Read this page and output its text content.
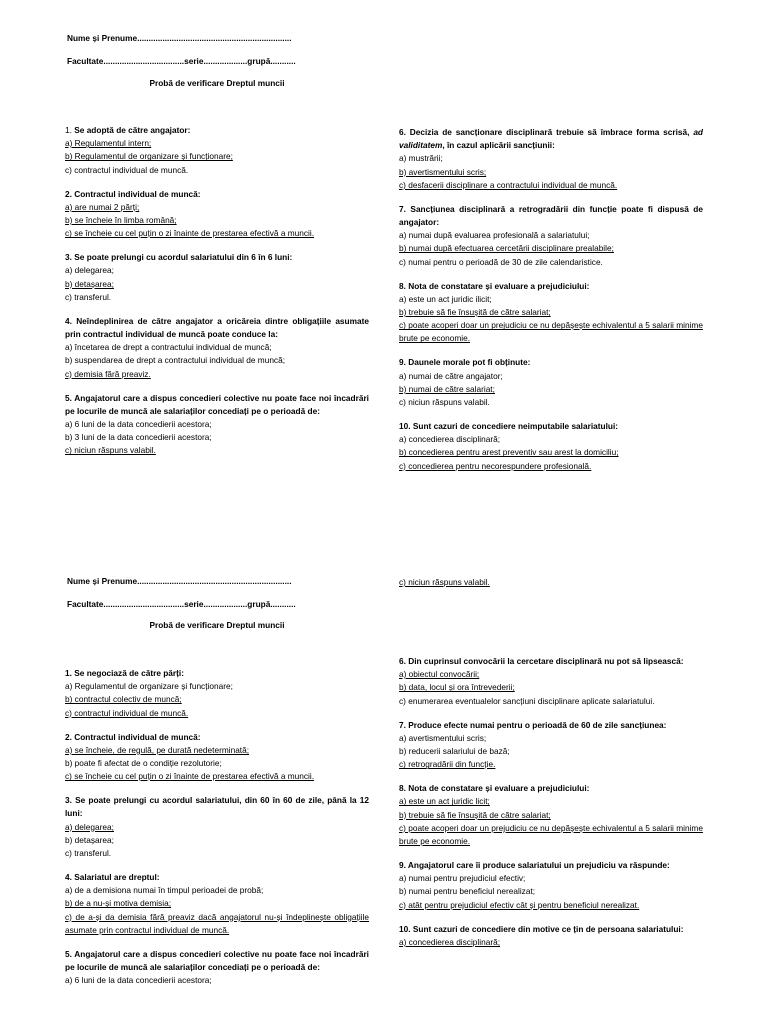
Nume și Prenume...................................................................
Facultate...................................serie...................grupă...........
Probă de verificare Dreptul muncii
1. Se adoptă de către angajator:
a) Regulamentul intern;
b) Regulamentul de organizare și funcționare;
c) contractul individual de muncă.
2. Contractul individual de muncă:
a) are numai 2 părți;
b) se încheie în limba română;
c) se încheie cu cel puțin o zi înainte de prestarea efectivă a muncii.
3. Se poate prelungi cu acordul salariatului din 6 în 6 luni:
a) delegarea;
b) detașarea;
c) transferul.
4. Neîndeplinirea de către angajator a oricăreia dintre obligațiile asumate prin contractul individual de muncă poate conduce la:
a) încetarea de drept a contractului individual de muncă;
b) suspendarea de drept a contractului individual de muncă;
c) demisia fără preaviz.
5. Angajatorul care a dispus concedieri colective nu poate face noi încadrări pe locurile de muncă ale salariaților concediați pe o perioadă de:
a) 6 luni de la data concedierii acestora;
b) 3 luni de la data concedierii acestora;
c) niciun răspuns valabil.
6. Decizia de sancționare disciplinară trebuie să îmbrace forma scrisă, ad validitatem, în cazul aplicării sancțiunii:
a) mustrării;
b) avertismentului scris;
c) desfacerii disciplinare a contractului individual de muncă.
7. Sancțiunea disciplinară a retrogradării din funcție poate fi dispusă de angajator:
a) numai după evaluarea profesională a salariatului;
b) numai după efectuarea cercetării disciplinare prealabile;
c) numai pentru o perioadă de 30 de zile calendaristice.
8. Nota de constatare și evaluare a prejudiciului:
a) este un act juridic ilicit;
b) trebuie să fie însușită de către salariat;
c) poate acoperi doar un prejudiciu ce nu depășește echivalentul a 5 salarii minime brute pe economie.
9. Daunele morale pot fi obținute:
a) numai de către angajator;
b) numai de către salariat;
c) niciun răspuns valabil.
10. Sunt cazuri de concediere neimputabile salariatului:
a) concedierea disciplinară;
b) concedierea pentru arest preventiv sau arest la domiciliu;
c) concedierea pentru necorespundere profesională.
Nume și Prenume...................................................................
Facultate...................................serie...................grupă...........
Probă de verificare Dreptul muncii
c) niciun răspuns valabil.
1. Se negociază de către părți:
a) Regulamentul de organizare și funcționare;
b) contractul colectiv de muncă;
c) contractul individual de muncă.
2. Contractul individual de muncă:
a) se încheie, de regulă, pe durată nedeterminată;
b) poate fi afectat de o condiție rezolutorie;
c) se încheie cu cel puțin o zi înainte de prestarea efectivă a muncii.
3. Se poate prelungi cu acordul salariatului, din 60 în 60 de zile, până la 12 luni:
a) delegarea;
b) detașarea;
c) transferul.
4. Salariatul are dreptul:
a) de a demisiona numai în timpul perioadei de probă;
b) de a nu-și motiva demisia;
c) de a-și da demisia fără preaviz dacă angajatorul nu-și îndeplinește obligațiile asumate prin contractul individual de muncă.
5. Angajatorul care a dispus concedieri colective nu poate face noi încadrări pe locurile de muncă ale salariaților concediați pe o perioadă de:
a) 6 luni de la data concedierii acestora;
6. Din cuprinsul convocării la cercetare disciplinară nu pot să lipsească:
a) obiectul convocării;
b) data, locul și ora întrevederii;
c) enumerarea eventualelor sancțiuni disciplinare aplicate salariatului.
7. Produce efecte numai pentru o perioadă de 60 de zile sancțiunea:
a) avertismentului scris;
b) reducerii salariului de bază;
c) retrogradării din funcție.
8. Nota de constatare și evaluare a prejudiciului:
a) este un act juridic licit;
b) trebuie să fie însușită de către salariat;
c) poate acoperi doar un prejudiciu ce nu depășește echivalentul a 5 salarii minime brute pe economie.
9. Angajatorul care îi produce salariatului un prejudiciu va răspunde:
a) numai pentru prejudiciul efectiv;
b) numai pentru beneficiul nerealizat;
c) atât pentru prejudiciul efectiv cât și pentru beneficiul nerealizat.
10. Sunt cazuri de concediere din motive ce țin de persoana salariatului:
a) concedierea disciplinară;
